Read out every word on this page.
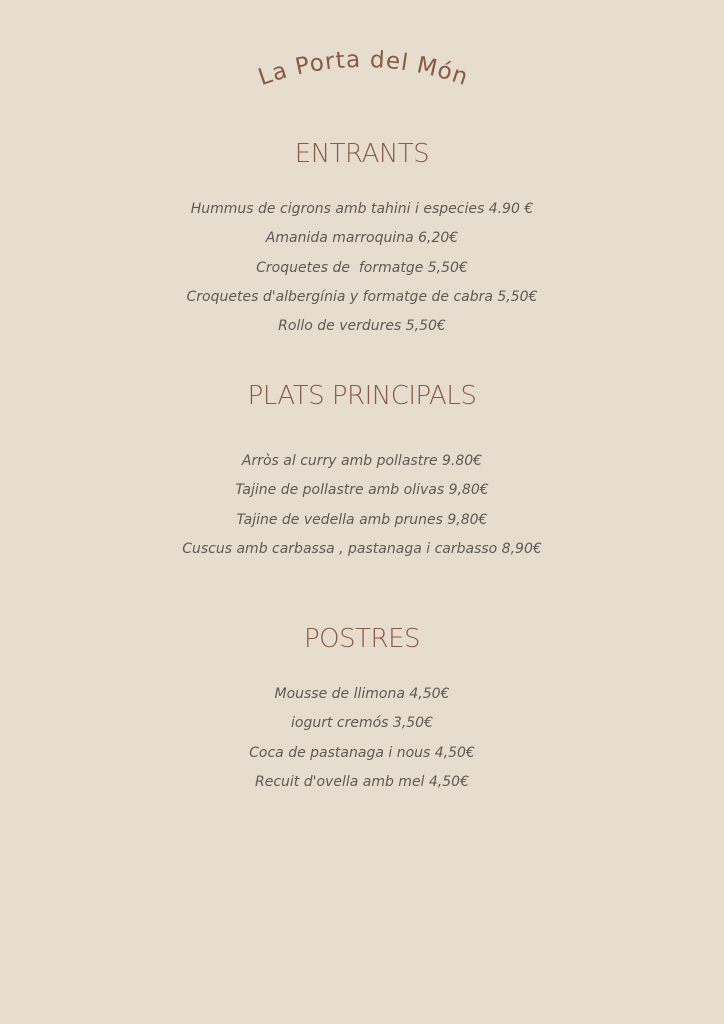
La Porta del Món
ENTRANTS
Hummus de cigrons amb tahini i especies 4.90 €
Amanida marroquina 6,20€
Croquetes de  formatge 5,50€
Croquetes d'albergínia y formatge de cabra 5,50€
Rollo de verdures 5,50€
PLATS PRINCIPALS
Arròs al curry amb pollastre 9.80€
Tajine de pollastre amb olivas 9,80€
Tajine de vedella amb prunes 9,80€
Cuscus amb carbassa , pastanaga i carbasso 8,90€
POSTRES
Mousse de llimona 4,50€
iogurt cremós 3,50€
Coca de pastanaga i nous 4,50€
Recuit d'ovella amb mel 4,50€
